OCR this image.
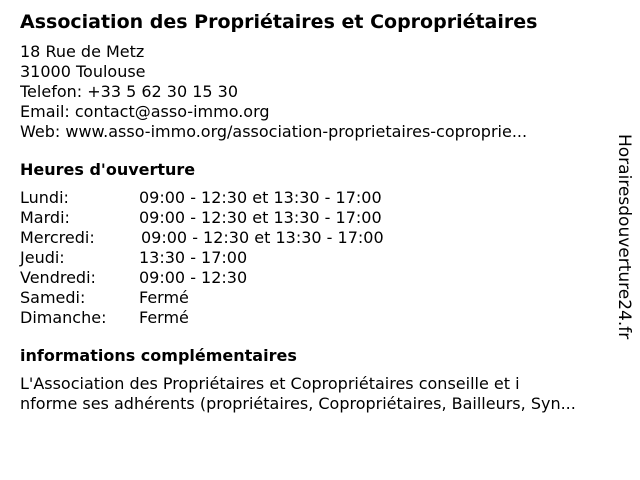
Association des Propriétaires et Copropriétaires
18 Rue de Metz
31000 Toulouse
Telefon: +33 5 62 30 15 30
Email: contact@asso-immo.org
Web: www.asso-immo.org/association-proprietaires-coproprie...
Heures d'ouverture
Lundi:	09:00 - 12:30 et 13:30 - 17:00
Mardi:	09:00 - 12:30 et 13:30 - 17:00
Mercredi:	09:00 - 12:30 et 13:30 - 17:00
Jeudi:	13:30 - 17:00
Vendredi:	09:00 - 12:30
Samedi:	Fermé
Dimanche: Fermé
informations complémentaires
L'Association des Propriétaires et Copropriétaires conseille et i
nforme ses adhérents (propriétaires, Copropriétaires, Bailleurs, Syn...
Horairesdouverture24.fr
